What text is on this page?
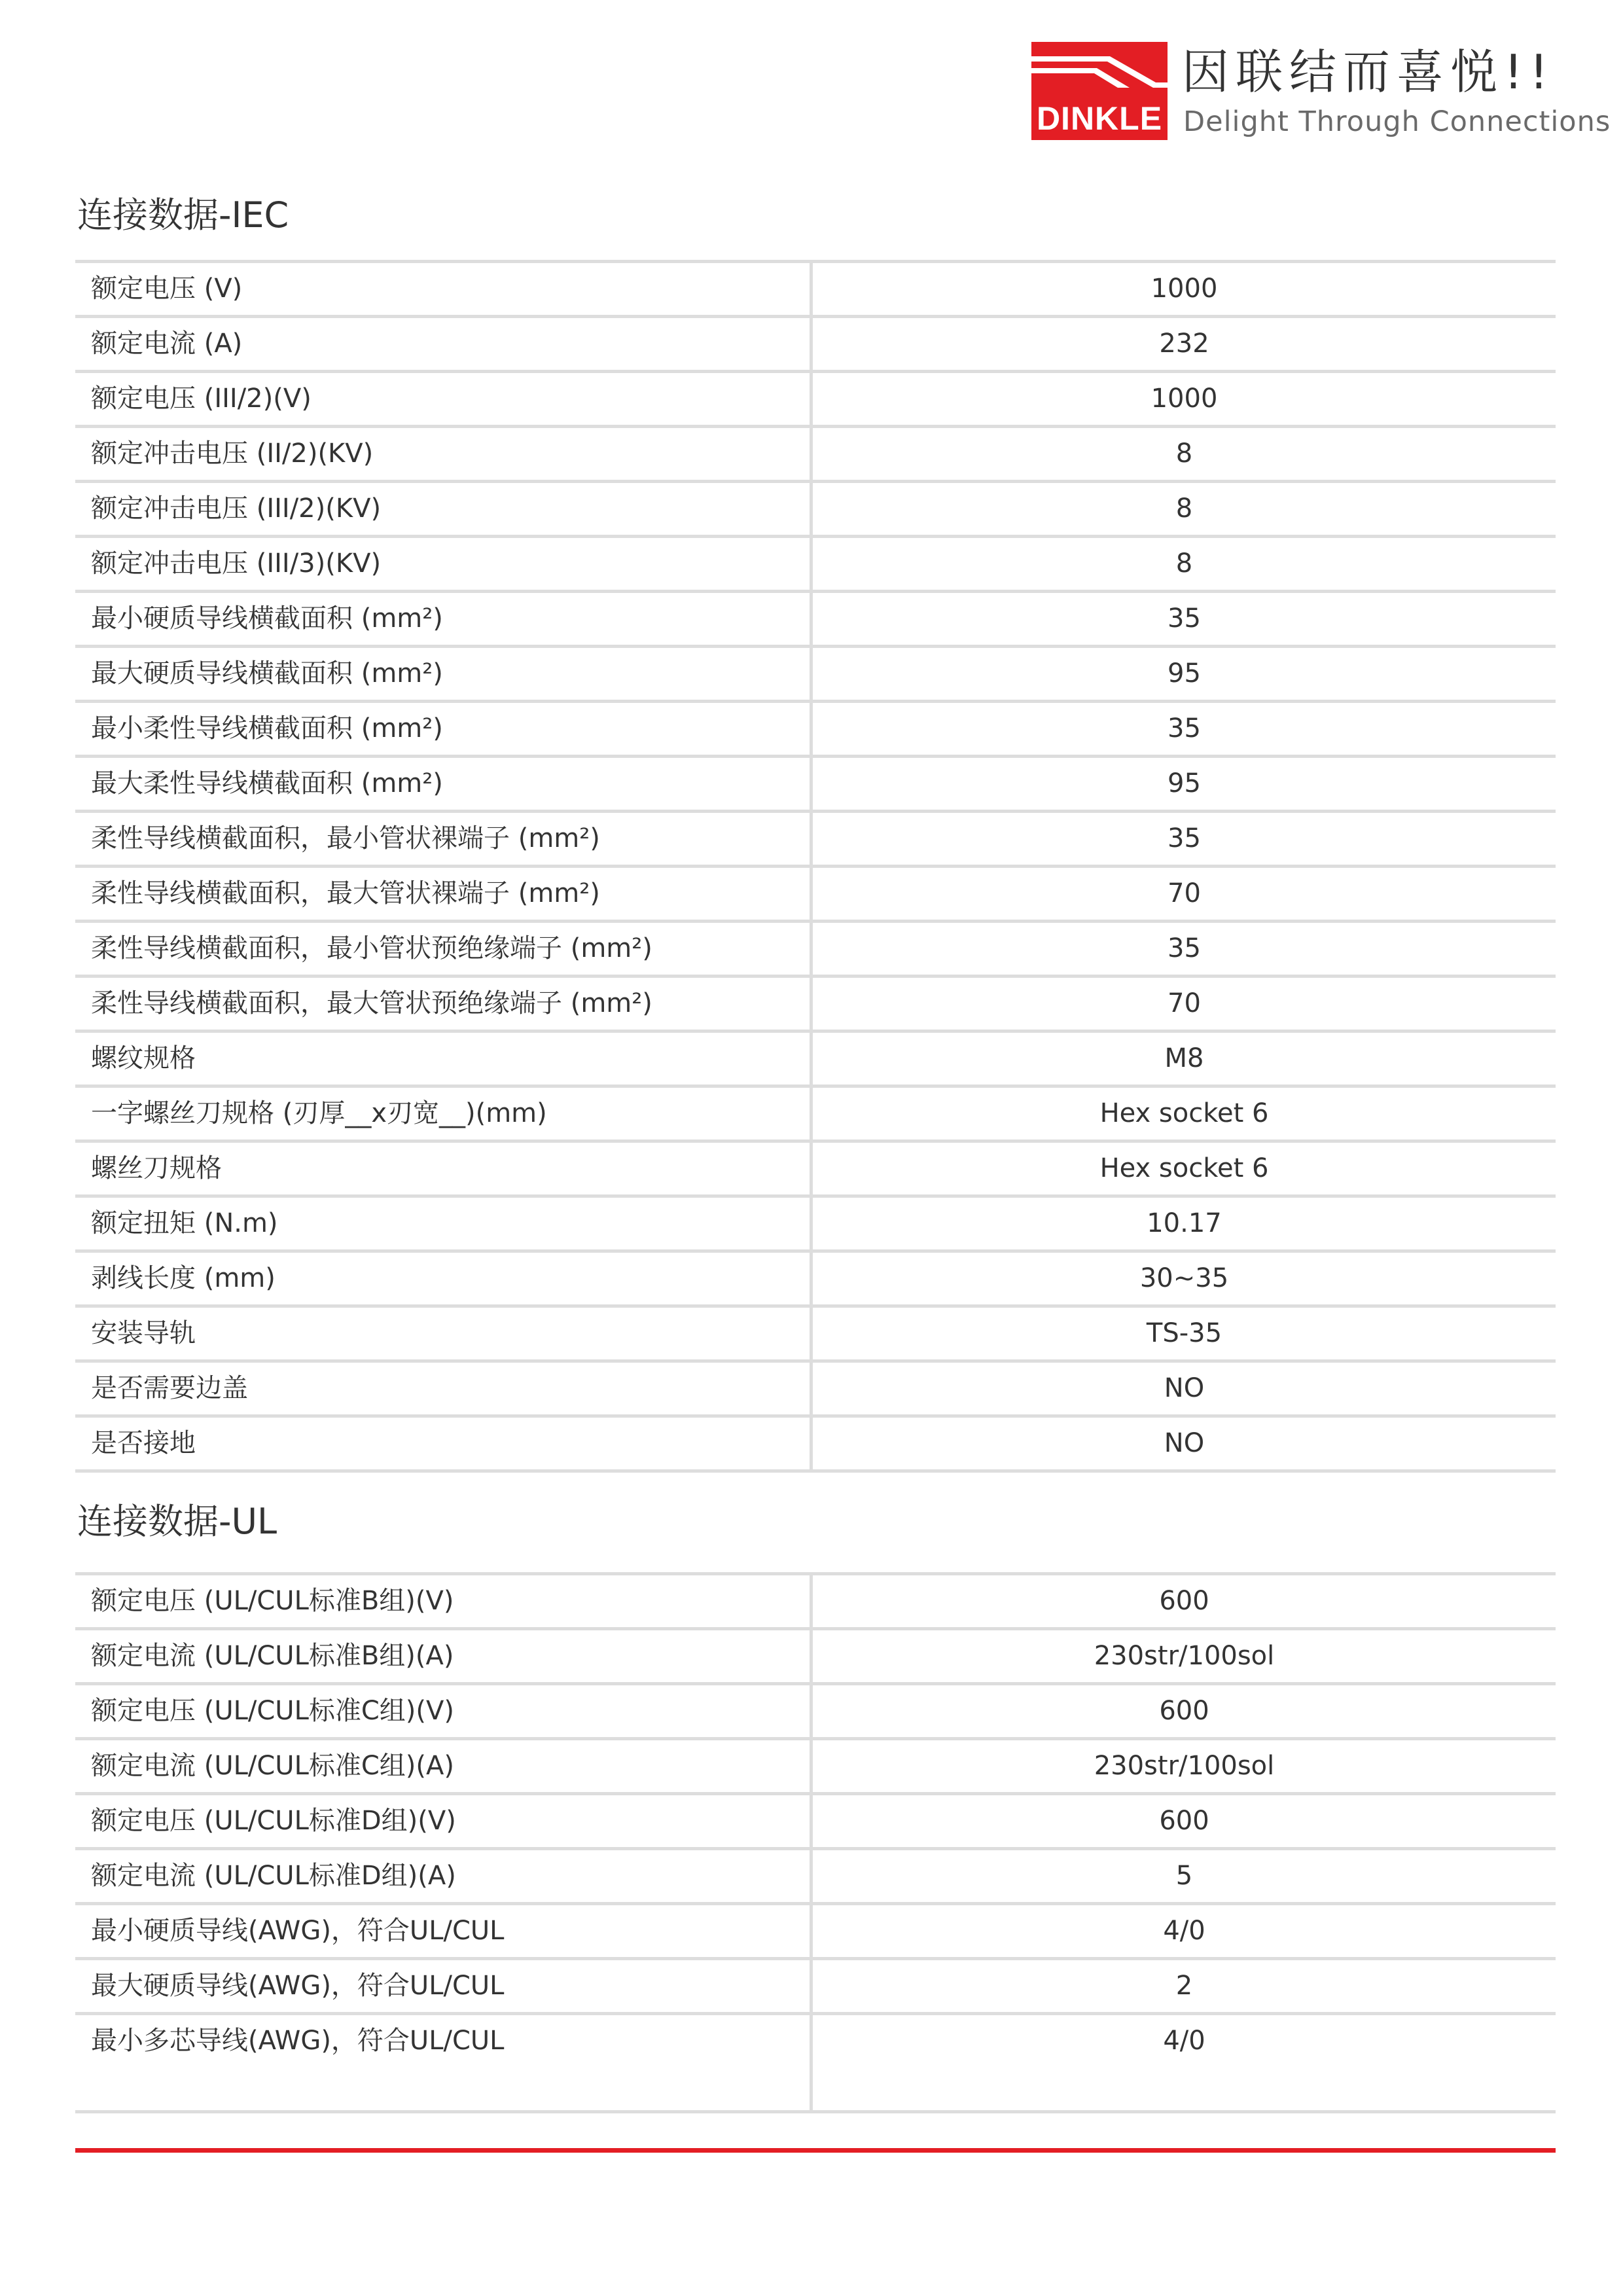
DINKLE
因联结而喜悦!!
Delight Through Connections
连接数据-IEC
额定电压 (V)	1000
额定电流 (A)	232
额定电压 (III/2)(V)	1000
额定冲击电压 (II/2)(KV)	8
额定冲击电压 (III/2)(KV)	8
额定冲击电压 (III/3)(KV)	8
最小硬质导线横截面积 (mm²)	35
最大硬质导线横截面积 (mm²)	95
最小柔性导线横截面积 (mm²)	35
最大柔性导线横截面积 (mm²)	95
柔性导线横截面积，最小管状裸端子 (mm²)	35
柔性导线横截面积，最大管状裸端子 (mm²)	70
柔性导线横截面积，最小管状预绝缘端子 (mm²)	35
柔性导线横截面积，最大管状预绝缘端子 (mm²)	70
螺纹规格	M8
一字螺丝刀规格 (刃厚__x刃宽__)(mm)	Hex socket 6
螺丝刀规格	Hex socket 6
额定扭矩 (N.m)	10.17
剥线长度 (mm)	30~35
安装导轨	TS-35
是否需要边盖	NO
是否接地	NO
连接数据-UL
额定电压 (UL/CUL标准B组)(V)	600
额定电流 (UL/CUL标准B组)(A)	230str/100sol
额定电压 (UL/CUL标准C组)(V)	600
额定电流 (UL/CUL标准C组)(A)	230str/100sol
额定电压 (UL/CUL标准D组)(V)	600
额定电流 (UL/CUL标准D组)(A)	5
最小硬质导线(AWG)，符合UL/CUL	4/0
最大硬质导线(AWG)，符合UL/CUL	2
最小多芯导线(AWG)，符合UL/CUL	4/0
